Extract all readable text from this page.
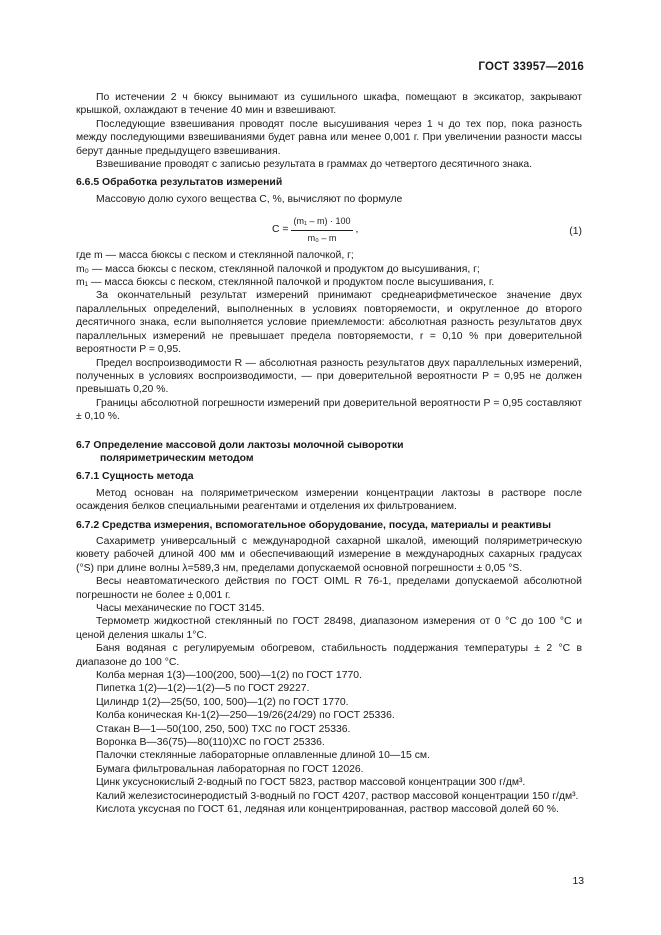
ГОСТ 33957—2016

По истечении 2 ч бюксу вынимают из сушильного шкафа, помещают в эксикатор, закрывают крышкой, охлаждают в течение 40 мин и взвешивают.

Последующие взвешивания проводят после высушивания через 1 ч до тех пор, пока разность между последующими взвешиваниями будет равна или менее 0,001 г. При увеличении разности массы берут данные предыдущего взвешивания.

Взвешивание проводят с записью результата в граммах до четвертого десятичного знака.

6.6.5 Обработка результатов измерений

Массовую долю сухого вещества C, %, вычисляют по формуле

$C = \frac{\text{(m₁ – m) · 100}}{\text{m₀ – m}}$ ,	(1)

где m — масса бюксы с песком и стеклянной палочкой, г;

m₀ — масса бюксы с песком, стеклянной палочкой и продуктом до высушивания, г;

m₁ — масса бюксы с песком, стеклянной палочкой и продуктом после высушивания, г.

За окончательный результат измерений принимают среднеарифметическое значение двух параллельных определений, выполненных в условиях повторяемости, и округленное до второго десятичного знака, если выполняется условие приемлемости: абсолютная разность результатов двух параллельных измерений не превышает предела повторяемости, r = 0,10 % при доверительной вероятности P = 0,95.

Предел воспроизводимости R — абсолютная разность результатов двух параллельных измерений, полученных в условиях воспроизводимости, — при доверительной вероятности P = 0,95 не должен превышать 0,20 %.

Границы абсолютной погрешности измерений при доверительной вероятности P = 0,95 составляют ± 0,10 %.

6.7 Определение массовой доли лактозы молочной сыворотки

поляриметрическим методом

6.7.1 Сущность метода

Метод основан на поляриметрическом измерении концентрации лактозы в растворе после осаждения белков специальными реагентами и отделения их фильтрованием.

6.7.2 Средства измерения, вспомогательное оборудование, посуда, материалы и реактивы

Сахариметр универсальный с международной сахарной шкалой, имеющий поляриметрическую кювету рабочей длиной 400 мм и обеспечивающий измерение в международных сахарных градусах (°S) при длине волны λ=589,3 нм, пределами допускаемой основной погрешности ± 0,05 °S.

Весы неавтоматического действия по ГОСТ OIML R 76-1, пределами допускаемой абсолютной погрешности не более ± 0,001 г.

Часы механические по ГОСТ 3145.

Термометр жидкостной стеклянный по ГОСТ 28498, диапазоном измерения от 0 °С до 100 °С и ценой деления шкалы 1°С.

Баня водяная с регулируемым обогревом, стабильность поддержания температуры ± 2 °С в диапазоне до 100 °С.

Колба мерная 1(3)—100(200, 500)—1(2) по ГОСТ 1770.

Пипетка 1(2)—1(2)—1(2)—5 по ГОСТ 29227.

Цилиндр 1(2)—25(50, 100, 500)—1(2) по ГОСТ 1770.

Колба коническая Кн-1(2)—250—19/26(24/29) по ГОСТ 25336.

Стакан В—1—50(100, 250, 500) ТХС по ГОСТ 25336.

Воронка В—36(75)—80(110)ХС по ГОСТ 25336.

Палочки стеклянные лабораторные оплавленные длиной 10—15 см.

Бумага фильтровальная лабораторная по ГОСТ 12026.

Цинк уксуснокислый 2-водный по ГОСТ 5823, раствор массовой концентрации 300 г/дм³.

Калий железистосинеродистый 3-водный по ГОСТ 4207, раствор массовой концентрации 150 г/дм³.

Кислота уксусная по ГОСТ 61, ледяная или концентрированная, раствор массовой долей 60 %.

13
